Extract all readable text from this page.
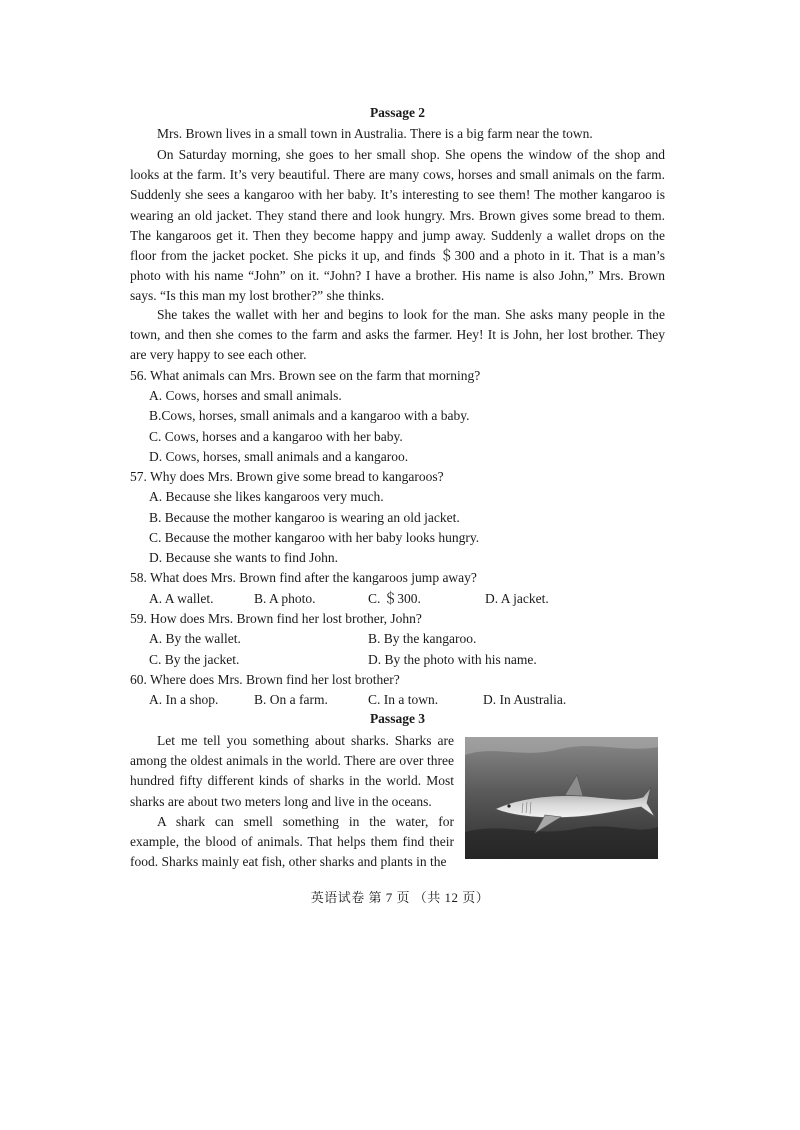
Passage 2

Mrs. Brown lives in a small town in Australia. There is a big farm near the town.

On Saturday morning, she goes to her small shop. She opens the window of the shop and looks at the farm. It’s very beautiful. There are many cows, horses and small animals on the farm. Suddenly she sees a kangaroo with her baby. It’s interesting to see them! The mother kangaroo is wearing an old jacket. They stand there and look hungry. Mrs. Brown gives some bread to them. The kangaroos get it. Then they become happy and jump away. Suddenly a wallet drops on the floor from the jacket pocket. She picks it up, and finds ＄300 and a photo in it. That is a man’s photo with his name “John” on it. “John? I have a brother. His name is also John,” Mrs. Brown says. “Is this man my lost brother?” she thinks.

She takes the wallet with her and begins to look for the man. She asks many people in the town, and then she comes to the farm and asks the farmer. Hey! It is John, her lost brother. They are very happy to see each other.

56. What animals can Mrs. Brown see on the farm that morning?
A. Cows, horses and small animals.
B.Cows, horses, small animals and a kangaroo with a baby.
C. Cows, horses and a kangaroo with her baby.
D. Cows, horses, small animals and a kangaroo.
57. Why does Mrs. Brown give some bread to kangaroos?
A. Because she likes kangaroos very much.
B. Because the mother kangaroo is wearing an old jacket.
C. Because the mother kangaroo with her baby looks hungry.
D. Because she wants to find John.
58. What does Mrs. Brown find after the kangaroos jump away?
A. A wallet.	B. A photo.	C. ＄300.	D. A jacket.
59. How does Mrs. Brown find her lost brother, John?
A. By the wallet.	B. By the kangaroo.
C. By the jacket.	D. By the photo with his name.
60. Where does Mrs. Brown find her lost brother?
A. In a shop.	B. On a farm.	C. In a town.	D. In Australia.
Passage 3

Let me tell you something about sharks. Sharks are among the oldest animals in the world. There are over three hundred fifty different kinds of sharks in the world. Most sharks are about two meters long and live in the oceans.

A shark can smell something in the water, for example, the blood of animals. That helps them find their food. Sharks mainly eat fish, other sharks and plants in the

英语试卷 第 7 页 （共 12 页）
